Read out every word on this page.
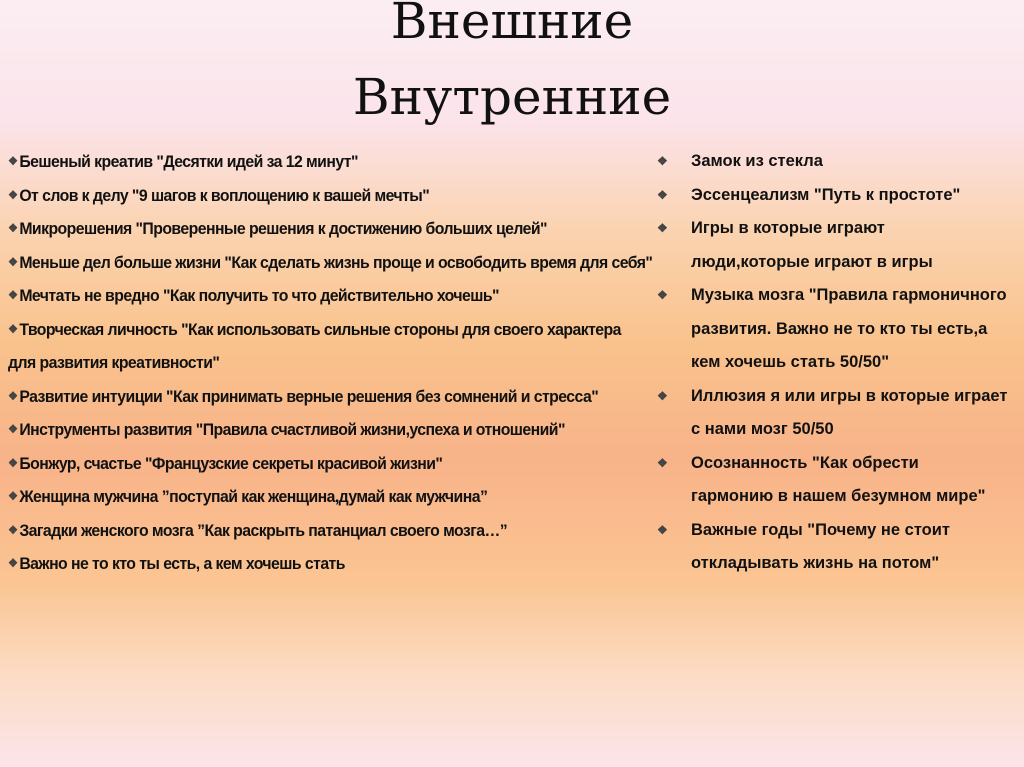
Внешние
Внутренние

❖ Бешеный креатив "Десятки идей за 12 минут"

❖ От слов к делу "9 шагов к воплощению к вашей мечты"

❖ Микрорешения "Проверенные решения к достижению больших целей"

❖ Меньше дел больше жизни "Как сделать жизнь проще и освободить время для себя"

❖ Мечтать не вредно "Как получить то что действительно хочешь"

❖ Творческая личность "Как использовать сильные стороны для своего характера для развития креативности"

❖ Развитие интуиции "Как принимать верные решения без сомнений и стресса"

❖ Инструменты развития "Правила счастливой жизни,успеха и отношений"

❖ Бонжур, счастье "Французские секреты красивой жизни"

❖ Женщина мужчина ”поступай как женщина,думай как мужчина”

❖ Загадки женского мозга ”Как раскрыть патанциал своего мозга…”

❖ Важно не то кто ты есть, а кем хочешь стать

❖ Замок из стекла

❖ Эссенцеализм "Путь к простоте"

❖ Игры в которые играют люди,которые играют в игры

❖ Музыка мозга "Правила гармоничного развития. Важно не то кто ты есть,а кем хочешь стать 50/50"

❖ Иллюзия я или игры в которые играет с нами мозг 50/50

❖ Осознанность "Как обрести гармонию в нашем безумном мире"

❖ Важные годы "Почему не стоит откладывать жизнь на потом"
